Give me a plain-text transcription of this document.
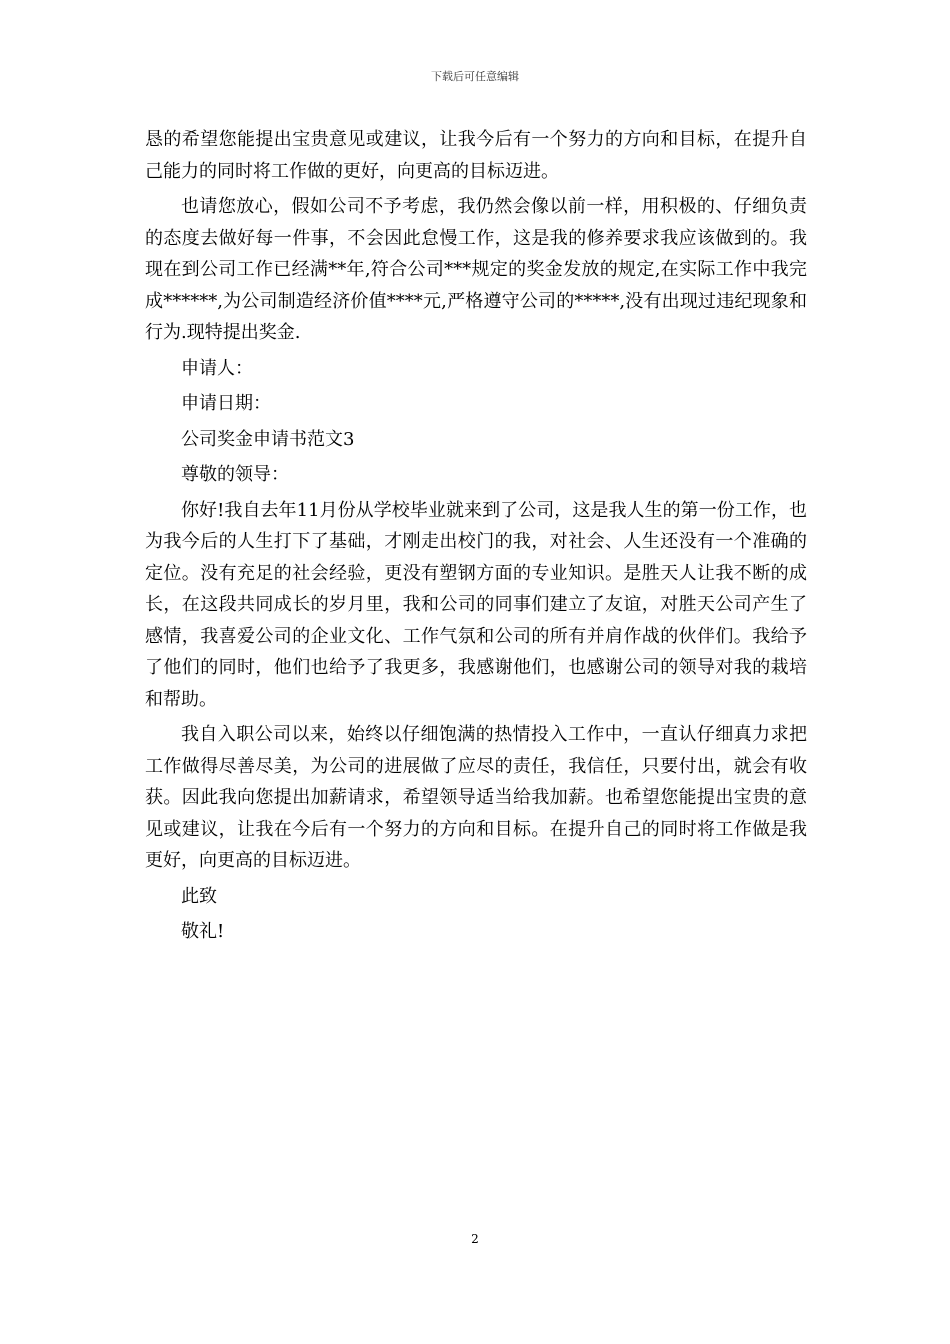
下载后可任意编辑

恳的希望您能提出宝贵意见或建议，让我今后有一个努力的方向和目标，在提升自己能力的同时将工作做的更好，向更高的目标迈进。

也请您放心，假如公司不予考虑，我仍然会像以前一样，用积极的、仔细负责的态度去做好每一件事，不会因此怠慢工作，这是我的修养要求我应该做到的。我现在到公司工作已经满**年,符合公司***规定的奖金发放的规定,在实际工作中我完成******,为公司制造经济价值****元,严格遵守公司的*****,没有出现过违纪现象和行为.现特提出奖金.

申请人：

申请日期：

公司奖金申请书范文3

尊敬的领导：

你好!我自去年11月份从学校毕业就来到了公司，这是我人生的第一份工作，也为我今后的人生打下了基础，才刚走出校门的我，对社会、人生还没有一个准确的定位。没有充足的社会经验，更没有塑钢方面的专业知识。是胜天人让我不断的成长，在这段共同成长的岁月里，我和公司的同事们建立了友谊，对胜天公司产生了感情，我喜爱公司的企业文化、工作气氛和公司的所有并肩作战的伙伴们。我给予了他们的同时，他们也给予了我更多，我感谢他们，也感谢公司的领导对我的栽培和帮助。

我自入职公司以来，始终以仔细饱满的热情投入工作中，一直认仔细真力求把工作做得尽善尽美，为公司的进展做了应尽的责任，我信任，只要付出，就会有收获。因此我向您提出加薪请求，希望领导适当给我加薪。也希望您能提出宝贵的意见或建议，让我在今后有一个努力的方向和目标。在提升自己的同时将工作做是我更好，向更高的目标迈进。

此致

敬礼!

2
